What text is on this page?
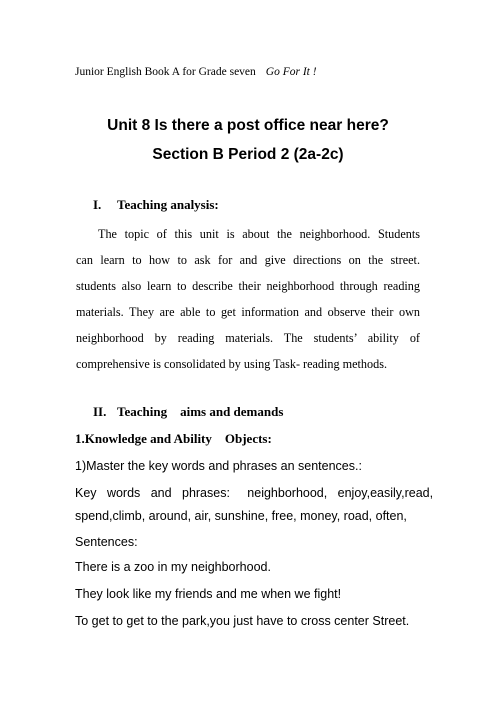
Junior English Book A for Grade seven Go For It !
Unit 8 Is there a post office near here?
Section B Period 2 (2a-2c)
I. Teaching analysis:
The topic of this unit is about the neighborhood. Students
can learn to how to ask for and give directions on the street.
students also learn to describe their neighborhood through reading
materials. They are able to get information and observe their own
neighborhood by reading materials. The students’ ability of
comprehensive is consolidated by using Task- reading methods.
II. Teaching    aims and demands
1.Knowledge and Ability    Objects:
1)Master the key words and phrases an sentences.:
Key   words   and   phrases:     neighborhood,   enjoy,easily,read,
spend,climb, around, air, sunshine, free, money, road, often,
Sentences:
There is a zoo in my neighborhood.
They look like my friends and me when we fight!
To get to get to the park,you just have to cross center Street.
